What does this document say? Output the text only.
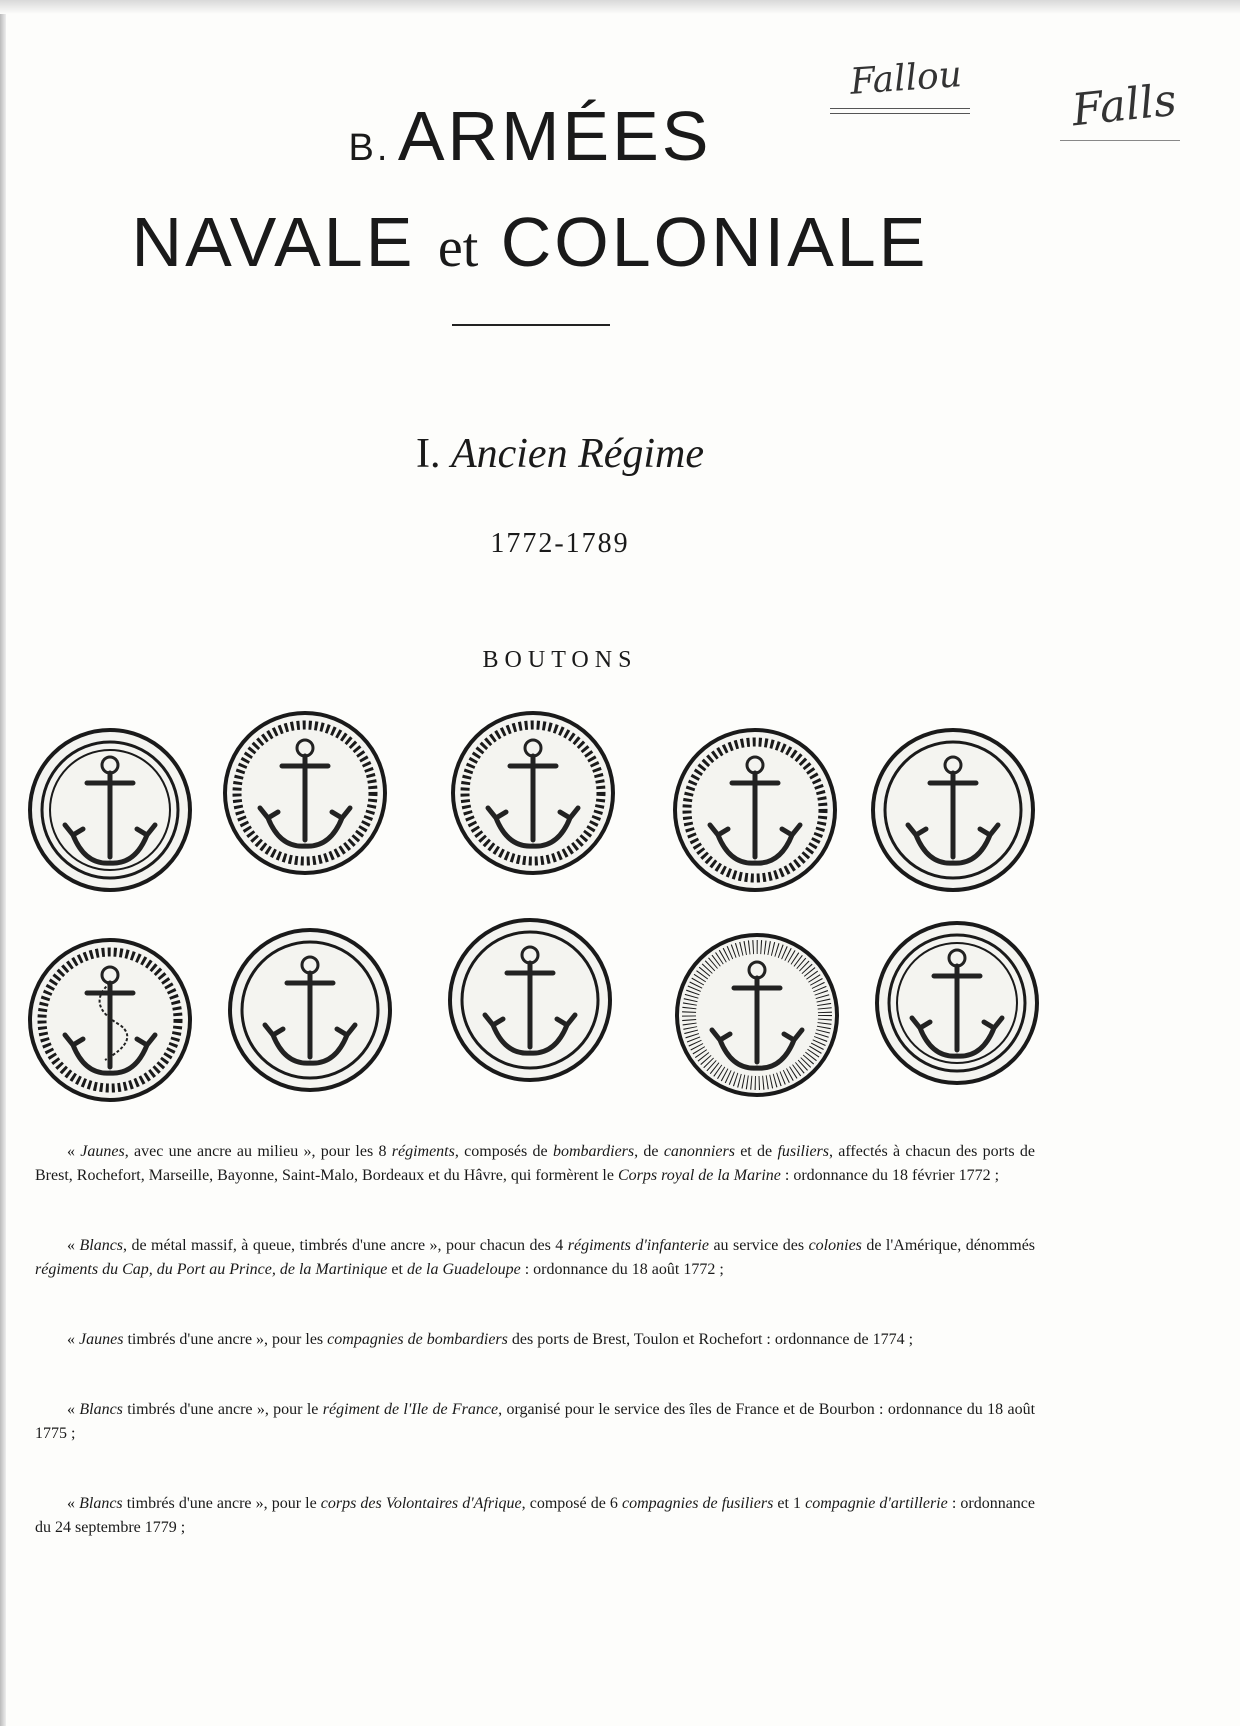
Fallou Falls
B. ARMÉES
NAVALE et COLONIALE
I. Ancien Régime
1772-1789
BOUTONS

« Jaunes, avec une ancre au milieu », pour les 8 régiments, composés de bombardiers, de canonniers et de fusiliers, affectés à chacun des ports de Brest, Rochefort, Marseille, Bayonne, Saint-Malo, Bordeaux et du Hâvre, qui formèrent le Corps royal de la Marine : ordonnance du 18 février 1772 ;

« Blancs, de métal massif, à queue, timbrés d'une ancre », pour chacun des 4 régiments d'infanterie au service des colonies de l'Amérique, dénommés régiments du Cap, du Port au Prince, de la Martinique et de la Guadeloupe : ordonnance du 18 août 1772 ;

« Jaunes timbrés d'une ancre », pour les compagnies de bombardiers des ports de Brest, Toulon et Rochefort : ordonnance de 1774 ;

« Blancs timbrés d'une ancre », pour le régiment de l'Ile de France, organisé pour le service des îles de France et de Bourbon : ordonnance du 18 août 1775 ;

« Blancs timbrés d'une ancre », pour le corps des Volontaires d'Afrique, composé de 6 compagnies de fusiliers et 1 compagnie d'artillerie : ordonnance du 24 septembre 1779 ;
